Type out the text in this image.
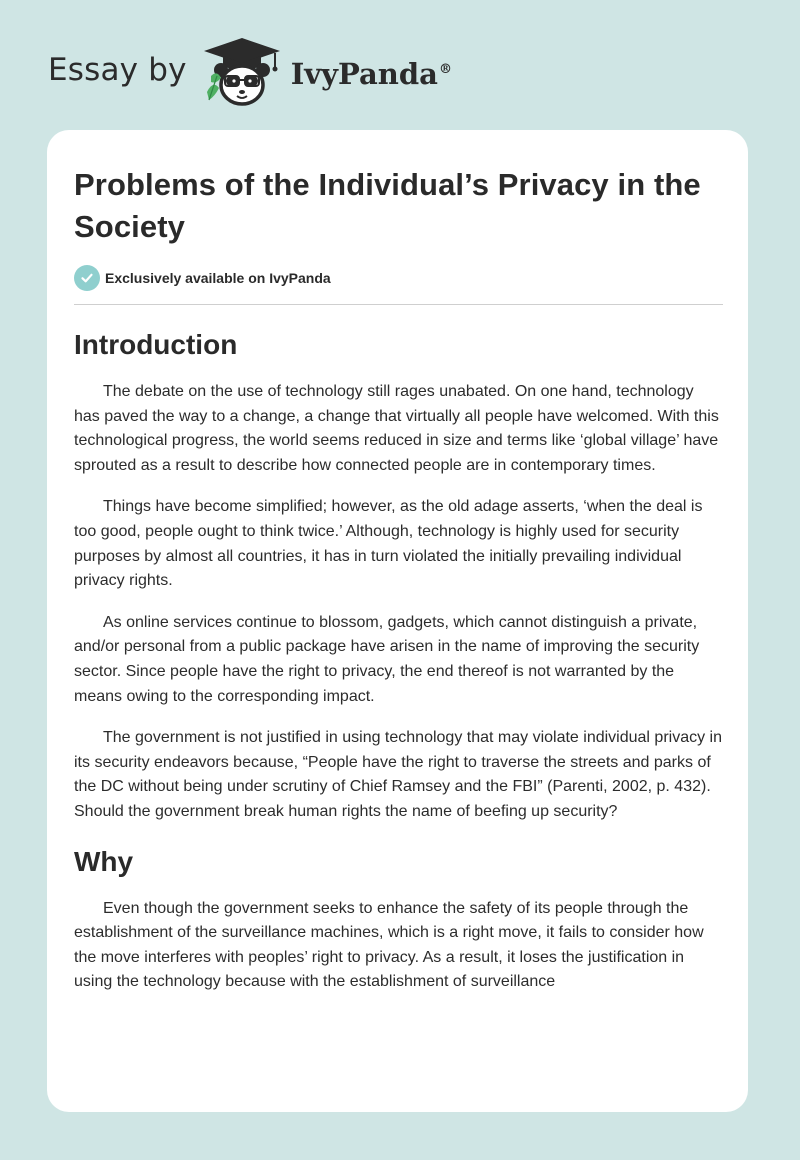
Essay by	IvyPanda®
Problems of the Individual’s Privacy in the Society
Exclusively available on IvyPanda
Introduction

The debate on the use of technology still rages unabated. On one hand, technology has paved the way to a change, a change that virtually all people have welcomed. With this technological progress, the world seems reduced in size and terms like ‘global village’ have sprouted as a result to describe how connected people are in contemporary times.

Things have become simplified; however, as the old adage asserts, ‘when the deal is too good, people ought to think twice.’ Although, technology is highly used for security purposes by almost all countries, it has in turn violated the initially prevailing individual privacy rights.

As online services continue to blossom, gadgets, which cannot distinguish a private, and/or personal from a public package have arisen in the name of improving the security sector. Since people have the right to privacy, the end thereof is not warranted by the means owing to the corresponding impact.

The government is not justified in using technology that may violate individual privacy in its security endeavors because, “People have the right to traverse the streets and parks of the DC without being under scrutiny of Chief Ramsey and the FBI” (Parenti, 2002, p. 432). Should the government break human rights the name of beefing up security?

Why

Even though the government seeks to enhance the safety of its people through the establishment of the surveillance machines, which is a right move, it fails to consider how the move interferes with peoples’ right to privacy. As a result, it loses the justification in using the technology because with the establishment of surveillance
